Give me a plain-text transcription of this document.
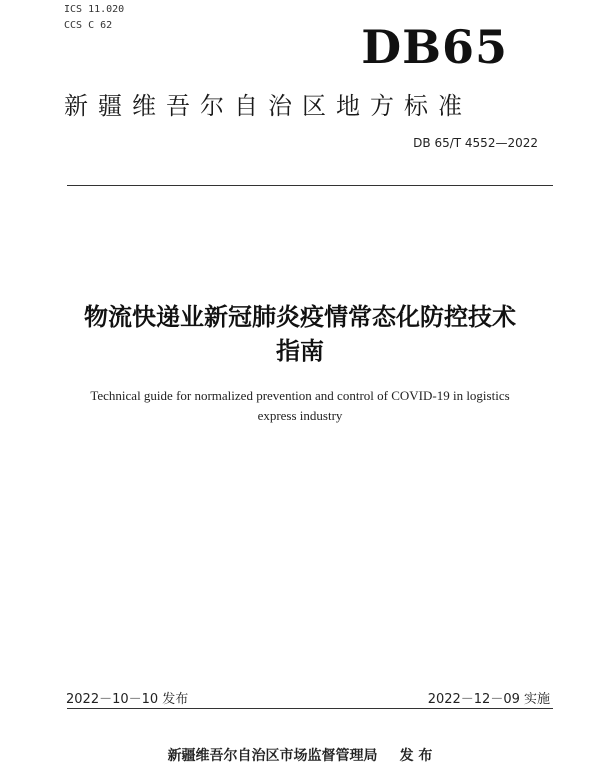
ICS 11.020
CCS C 62	DB65
新疆维吾尔自治区地方标准
DB 65/T 4552—2022
物流快递业新冠肺炎疫情常态化防控技术
指南
Technical guide for normalized prevention and control of COVID-19 in logistics
express industry
2022－10－10 发布	2022－12－09 实施
新疆维吾尔自治区市场监督管理局 发 布
